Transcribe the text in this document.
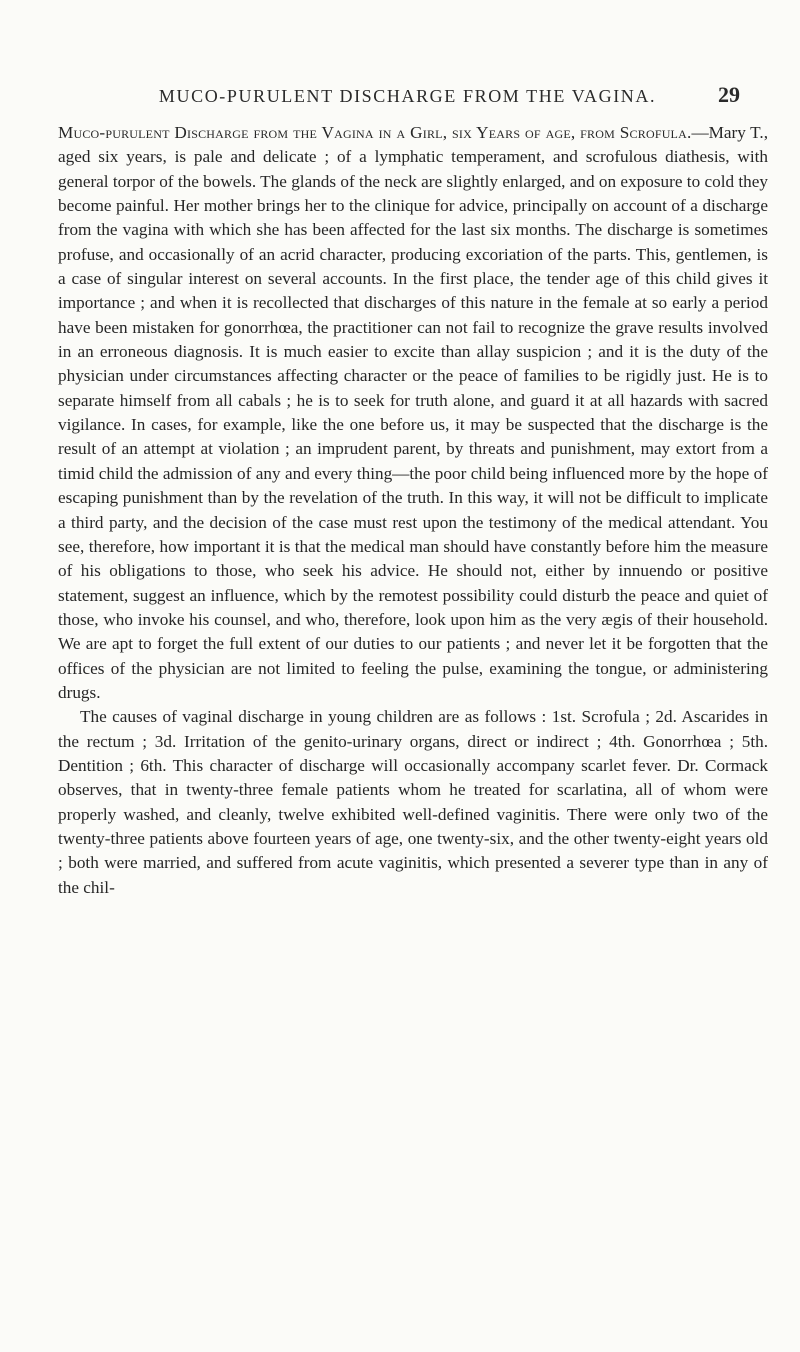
MUCO-PURULENT DISCHARGE FROM THE VAGINA.	29

Muco-purulent Discharge from the Vagina in a Girl, six Years of age, from Scrofula.—Mary T., aged six years, is pale and delicate ; of a lymphatic temperament, and scrofulous diathesis, with general torpor of the bowels. The glands of the neck are slightly enlarged, and on exposure to cold they become painful. Her mother brings her to the clinique for advice, principally on account of a discharge from the vagina with which she has been affected for the last six months. The discharge is sometimes profuse, and occasionally of an acrid character, producing excoriation of the parts. This, gentlemen, is a case of singular interest on several accounts. In the first place, the tender age of this child gives it importance ; and when it is recollected that discharges of this nature in the female at so early a period have been mistaken for gonorrhœa, the practitioner can not fail to recognize the grave results involved in an erroneous diagnosis. It is much easier to excite than allay suspicion ; and it is the duty of the physician under circumstances affecting character or the peace of families to be rigidly just. He is to separate himself from all cabals ; he is to seek for truth alone, and guard it at all hazards with sacred vigilance. In cases, for example, like the one before us, it may be suspected that the discharge is the result of an attempt at violation ; an imprudent parent, by threats and punishment, may extort from a timid child the admission of any and every thing—the poor child being influenced more by the hope of escaping punishment than by the revelation of the truth. In this way, it will not be difficult to implicate a third party, and the decision of the case must rest upon the testimony of the medical attendant. You see, therefore, how important it is that the medical man should have constantly before him the measure of his obligations to those, who seek his advice. He should not, either by innuendo or positive statement, suggest an influence, which by the remotest possibility could disturb the peace and quiet of those, who invoke his counsel, and who, therefore, look upon him as the very ægis of their household. We are apt to forget the full extent of our duties to our patients ; and never let it be forgotten that the offices of the physician are not limited to feeling the pulse, examining the tongue, or administering drugs.

The causes of vaginal discharge in young children are as follows : 1st. Scrofula ; 2d. Ascarides in the rectum ; 3d. Irritation of the genito-urinary organs, direct or indirect ; 4th. Gonorrhœa ; 5th. Dentition ; 6th. This character of discharge will occasionally accompany scarlet fever. Dr. Cormack observes, that in twenty-three female patients whom he treated for scarlatina, all of whom were properly washed, and cleanly, twelve exhibited well-defined vaginitis. There were only two of the twenty-three patients above fourteen years of age, one twenty-six, and the other twenty-eight years old ; both were married, and suffered from acute vaginitis, which presented a severer type than in any of the chil-
